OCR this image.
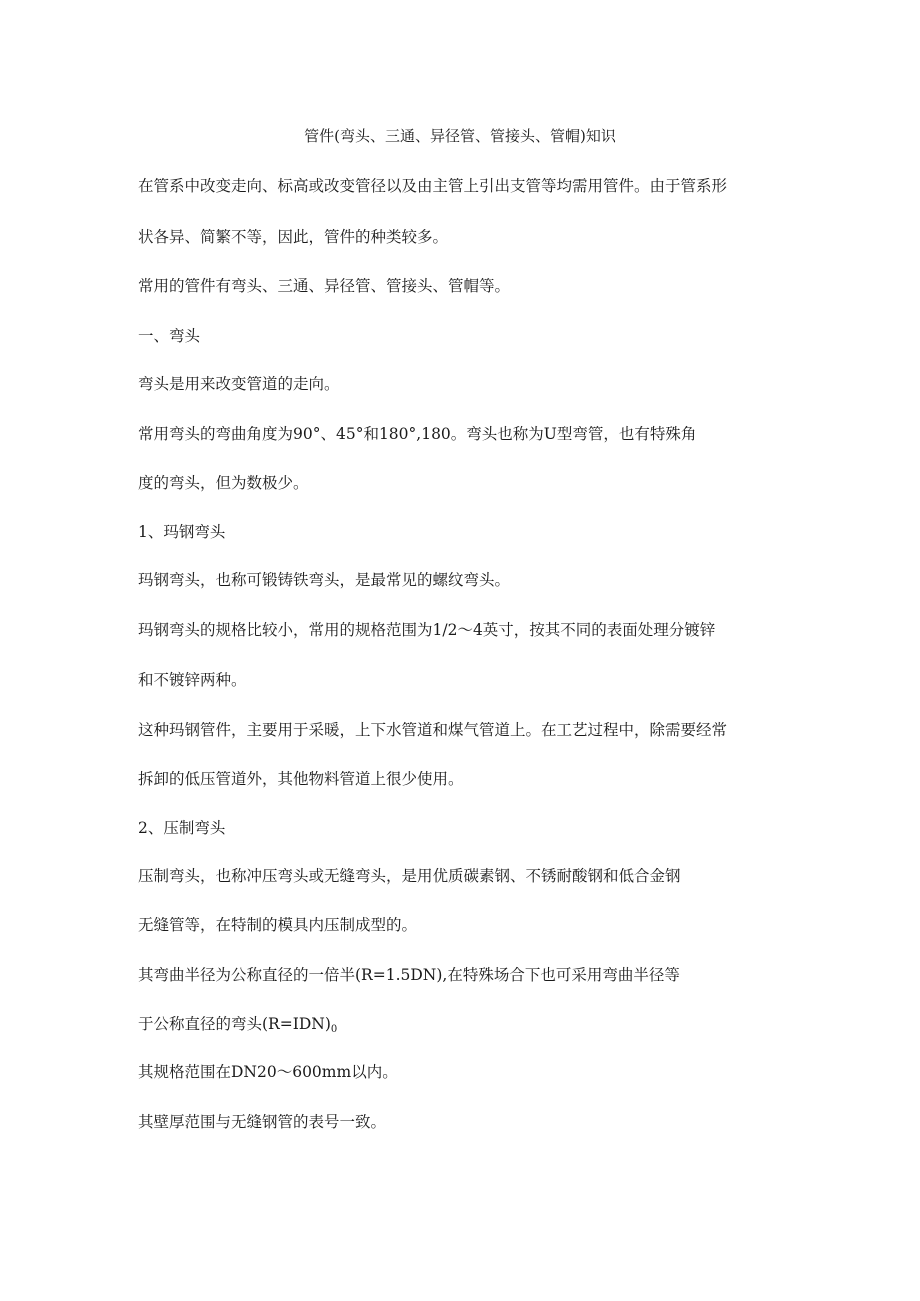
管件(弯头、三通、异径管、管接头、管帽)知识
在管系中改变走向、标高或改变管径以及由主管上引出支管等均需用管件。由于管系形
状各异、简繁不等，因此，管件的种类较多。
常用的管件有弯头、三通、异径管、管接头、管帽等。
一、弯头
弯头是用来改变管道的走向。
常用弯头的弯曲角度为90°、45°和180°,180。弯头也称为U型弯管，也有特殊角
度的弯头，但为数极少。
1、玛钢弯头
玛钢弯头，也称可锻铸铁弯头，是最常见的螺纹弯头。
玛钢弯头的规格比较小，常用的规格范围为1/2～4英寸，按其不同的表面处理分镀锌
和不镀锌两种。
这种玛钢管件，主要用于采暖，上下水管道和煤气管道上。在工艺过程中，除需要经常
拆卸的低压管道外，其他物料管道上很少使用。
2、压制弯头
压制弯头，也称冲压弯头或无缝弯头，是用优质碳素钢、不锈耐酸钢和低合金钢
无缝管等，在特制的模具内压制成型的。
其弯曲半径为公称直径的一倍半(R=1.5DN),在特殊场合下也可采用弯曲半径等
于公称直径的弯头$(R=IDN)_0$
其规格范围在DN20～600mm以内。
其壁厚范围与无缝钢管的表号一致。
